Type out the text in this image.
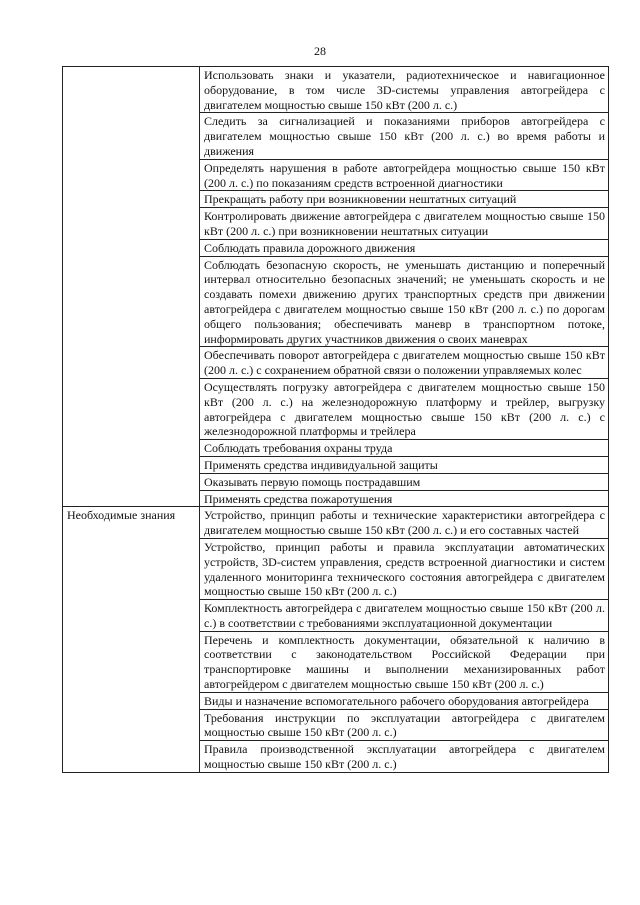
28
	Использовать знаки и указатели, радиотехническое и навигационное оборудование, в том числе 3D-системы управления автогрейдера с двигателем мощностью свыше 150 кВт (200 л. с.)
	Следить за сигнализацией и показаниями приборов автогрейдера с двигателем мощностью свыше 150 кВт (200 л. с.) во время работы и движения
	Определять нарушения в работе автогрейдера мощностью свыше 150 кВт (200 л. с.) по показаниям средств встроенной диагностики
	Прекращать работу при возникновении нештатных ситуаций
	Контролировать движение автогрейдера с двигателем мощностью свыше 150 кВт (200 л. с.) при возникновении нештатных ситуации
	Соблюдать правила дорожного движения
	Соблюдать безопасную скорость, не уменьшать дистанцию и поперечный интервал относительно безопасных значений; не уменьшать скорость и не создавать помехи движению других транспортных средств при движении автогрейдера с двигателем мощностью свыше 150 кВт (200 л. с.) по дорогам общего пользования; обеспечивать маневр в транспортном потоке, информировать других участников движения о своих маневрах
	Обеспечивать поворот автогрейдера с двигателем мощностью свыше 150 кВт (200 л. с.) с сохранением обратной связи о положении управляемых колес
	Осуществлять погрузку автогрейдера с двигателем мощностью свыше 150 кВт (200 л. с.) на железнодорожную платформу и трейлер, выгрузку автогрейдера с двигателем мощностью свыше 150 кВт (200 л. с.) с железнодорожной платформы и трейлера
	Соблюдать требования охраны труда
	Применять средства индивидуальной защиты
	Оказывать первую помощь пострадавшим
	Применять средства пожаротушения
Необходимые знания	Устройство, принцип работы и технические характеристики автогрейдера с двигателем мощностью свыше 150 кВт (200 л. с.) и его составных частей
	Устройство, принцип работы и правила эксплуатации автоматических устройств, 3D-систем управления, средств встроенной диагностики и систем удаленного мониторинга технического состояния автогрейдера с двигателем мощностью свыше 150 кВт (200 л. с.)
	Комплектность автогрейдера с двигателем мощностью свыше 150 кВт (200 л. с.) в соответствии с требованиями эксплуатационной документации
	Перечень и комплектность документации, обязательной к наличию в соответствии с законодательством Российской Федерации при транспортировке машины и выполнении механизированных работ автогрейдером с двигателем мощностью свыше 150 кВт (200 л. с.)
	Виды и назначение вспомогательного рабочего оборудования автогрейдера
	Требования инструкции по эксплуатации автогрейдера с двигателем мощностью свыше 150 кВт (200 л. с.)
	Правила производственной эксплуатации автогрейдера с двигателем мощностью свыше 150 кВт (200 л. с.)
